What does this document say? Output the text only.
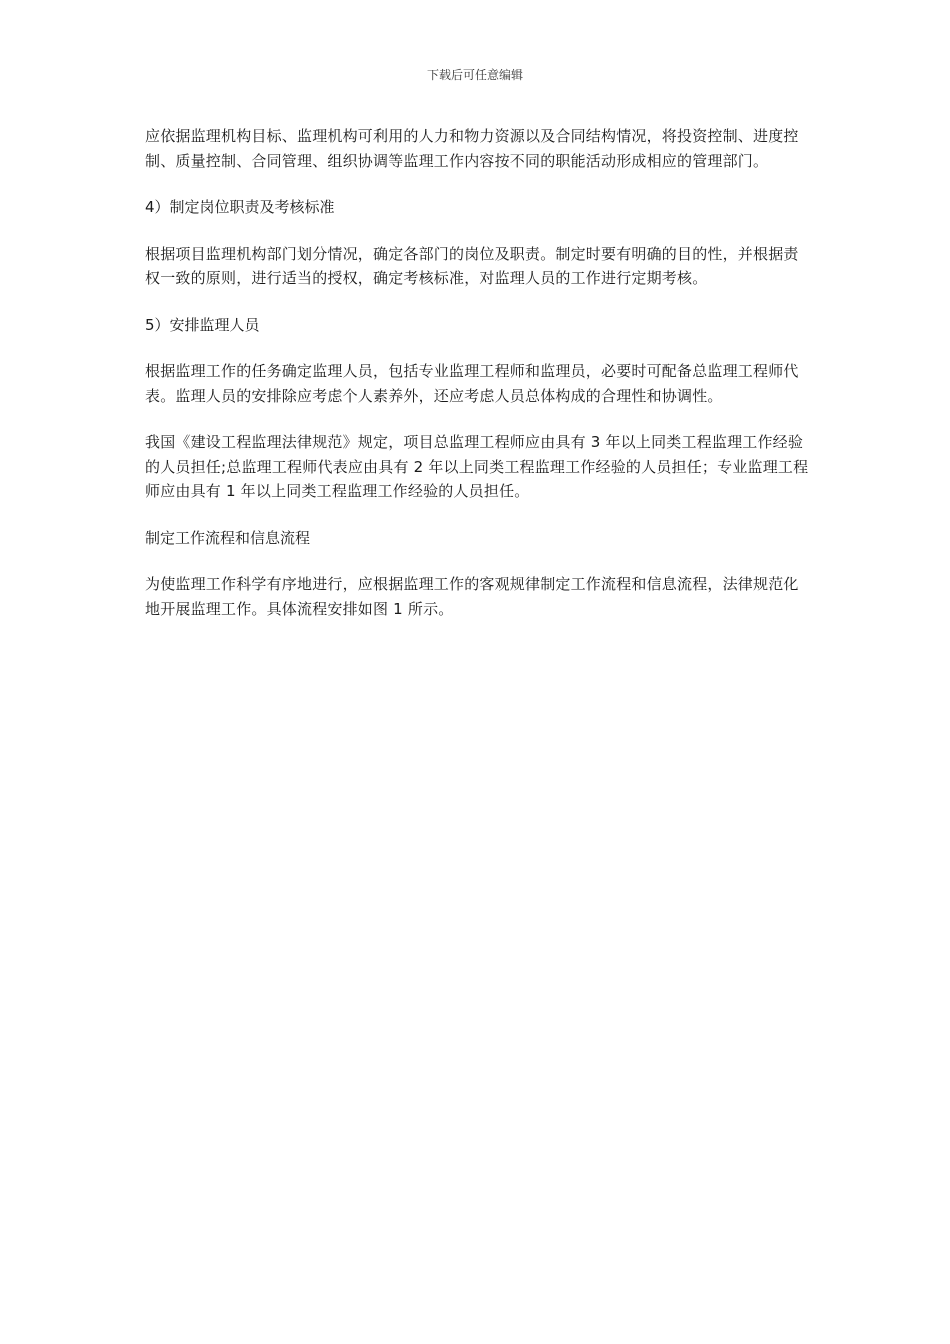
下载后可任意编辑

应依据监理机构目标、监理机构可利用的人力和物力资源以及合同结构情况，将投资控制、进度控制、质量控制、合同管理、组织协调等监理工作内容按不同的职能活动形成相应的管理部门。

4）制定岗位职责及考核标准

根据项目监理机构部门划分情况，确定各部门的岗位及职责。制定时要有明确的目的性，并根据责权一致的原则，进行适当的授权，确定考核标准，对监理人员的工作进行定期考核。

5）安排监理人员

根据监理工作的任务确定监理人员，包括专业监理工程师和监理员，必要时可配备总监理工程师代表。监理人员的安排除应考虑个人素养外，还应考虑人员总体构成的合理性和协调性。

我国《建设工程监理法律规范》规定，项目总监理工程师应由具有 3 年以上同类工程监理工作经验的人员担任;总监理工程师代表应由具有 2 年以上同类工程监理工作经验的人员担任；专业监理工程师应由具有 1 年以上同类工程监理工作经验的人员担任。

制定工作流程和信息流程

为使监理工作科学有序地进行，应根据监理工作的客观规律制定工作流程和信息流程，法律规范化地开展监理工作。具体流程安排如图 1 所示。
